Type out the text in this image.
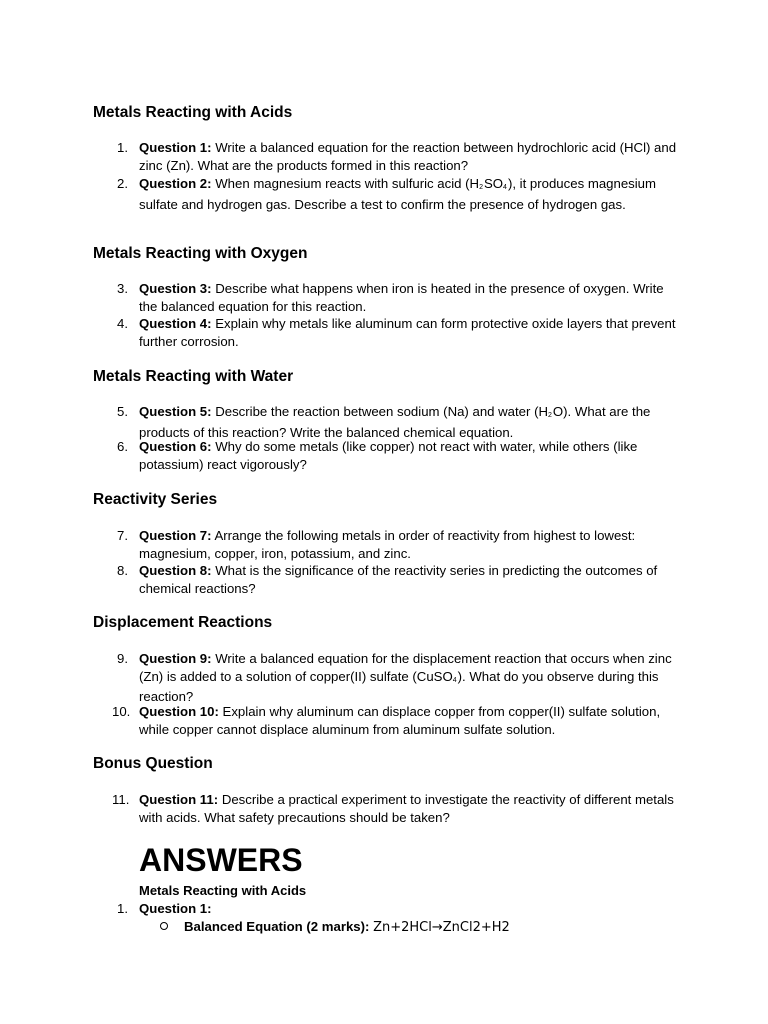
Metals Reacting with Acids
1. Question 1: Write a balanced equation for the reaction between hydrochloric acid (HCl) and zinc (Zn). What are the products formed in this reaction?
2. Question 2: When magnesium reacts with sulfuric acid $(H_2SO_4)$, it produces magnesium sulfate and hydrogen gas. Describe a test to confirm the presence of hydrogen gas.
Metals Reacting with Oxygen
3. Question 3: Describe what happens when iron is heated in the presence of oxygen. Write the balanced equation for this reaction.
4. Question 4: Explain why metals like aluminum can form protective oxide layers that prevent further corrosion.
Metals Reacting with Water
5. Question 5: Describe the reaction between sodium (Na) and water $(H_2O)$. What are the products of this reaction? Write the balanced chemical equation.
6. Question 6: Why do some metals (like copper) not react with water, while others (like potassium) react vigorously?
Reactivity Series
7. Question 7: Arrange the following metals in order of reactivity from highest to lowest: magnesium, copper, iron, potassium, and zinc.
8. Question 8: What is the significance of the reactivity series in predicting the outcomes of chemical reactions?
Displacement Reactions
9. Question 9: Write a balanced equation for the displacement reaction that occurs when zinc (Zn) is added to a solution of copper(II) sulfate (CuSO$_4$). What do you observe during this reaction?
10. Question 10: Explain why aluminum can displace copper from copper(II) sulfate solution, while copper cannot displace aluminum from aluminum sulfate solution.
Bonus Question
11. Question 11: Describe a practical experiment to investigate the reactivity of different metals with acids. What safety precautions should be taken?
ANSWERS
Metals Reacting with Acids
1. Question 1:
Balanced Equation (2 marks): Zn+2HCl→ZnCl2+H2
